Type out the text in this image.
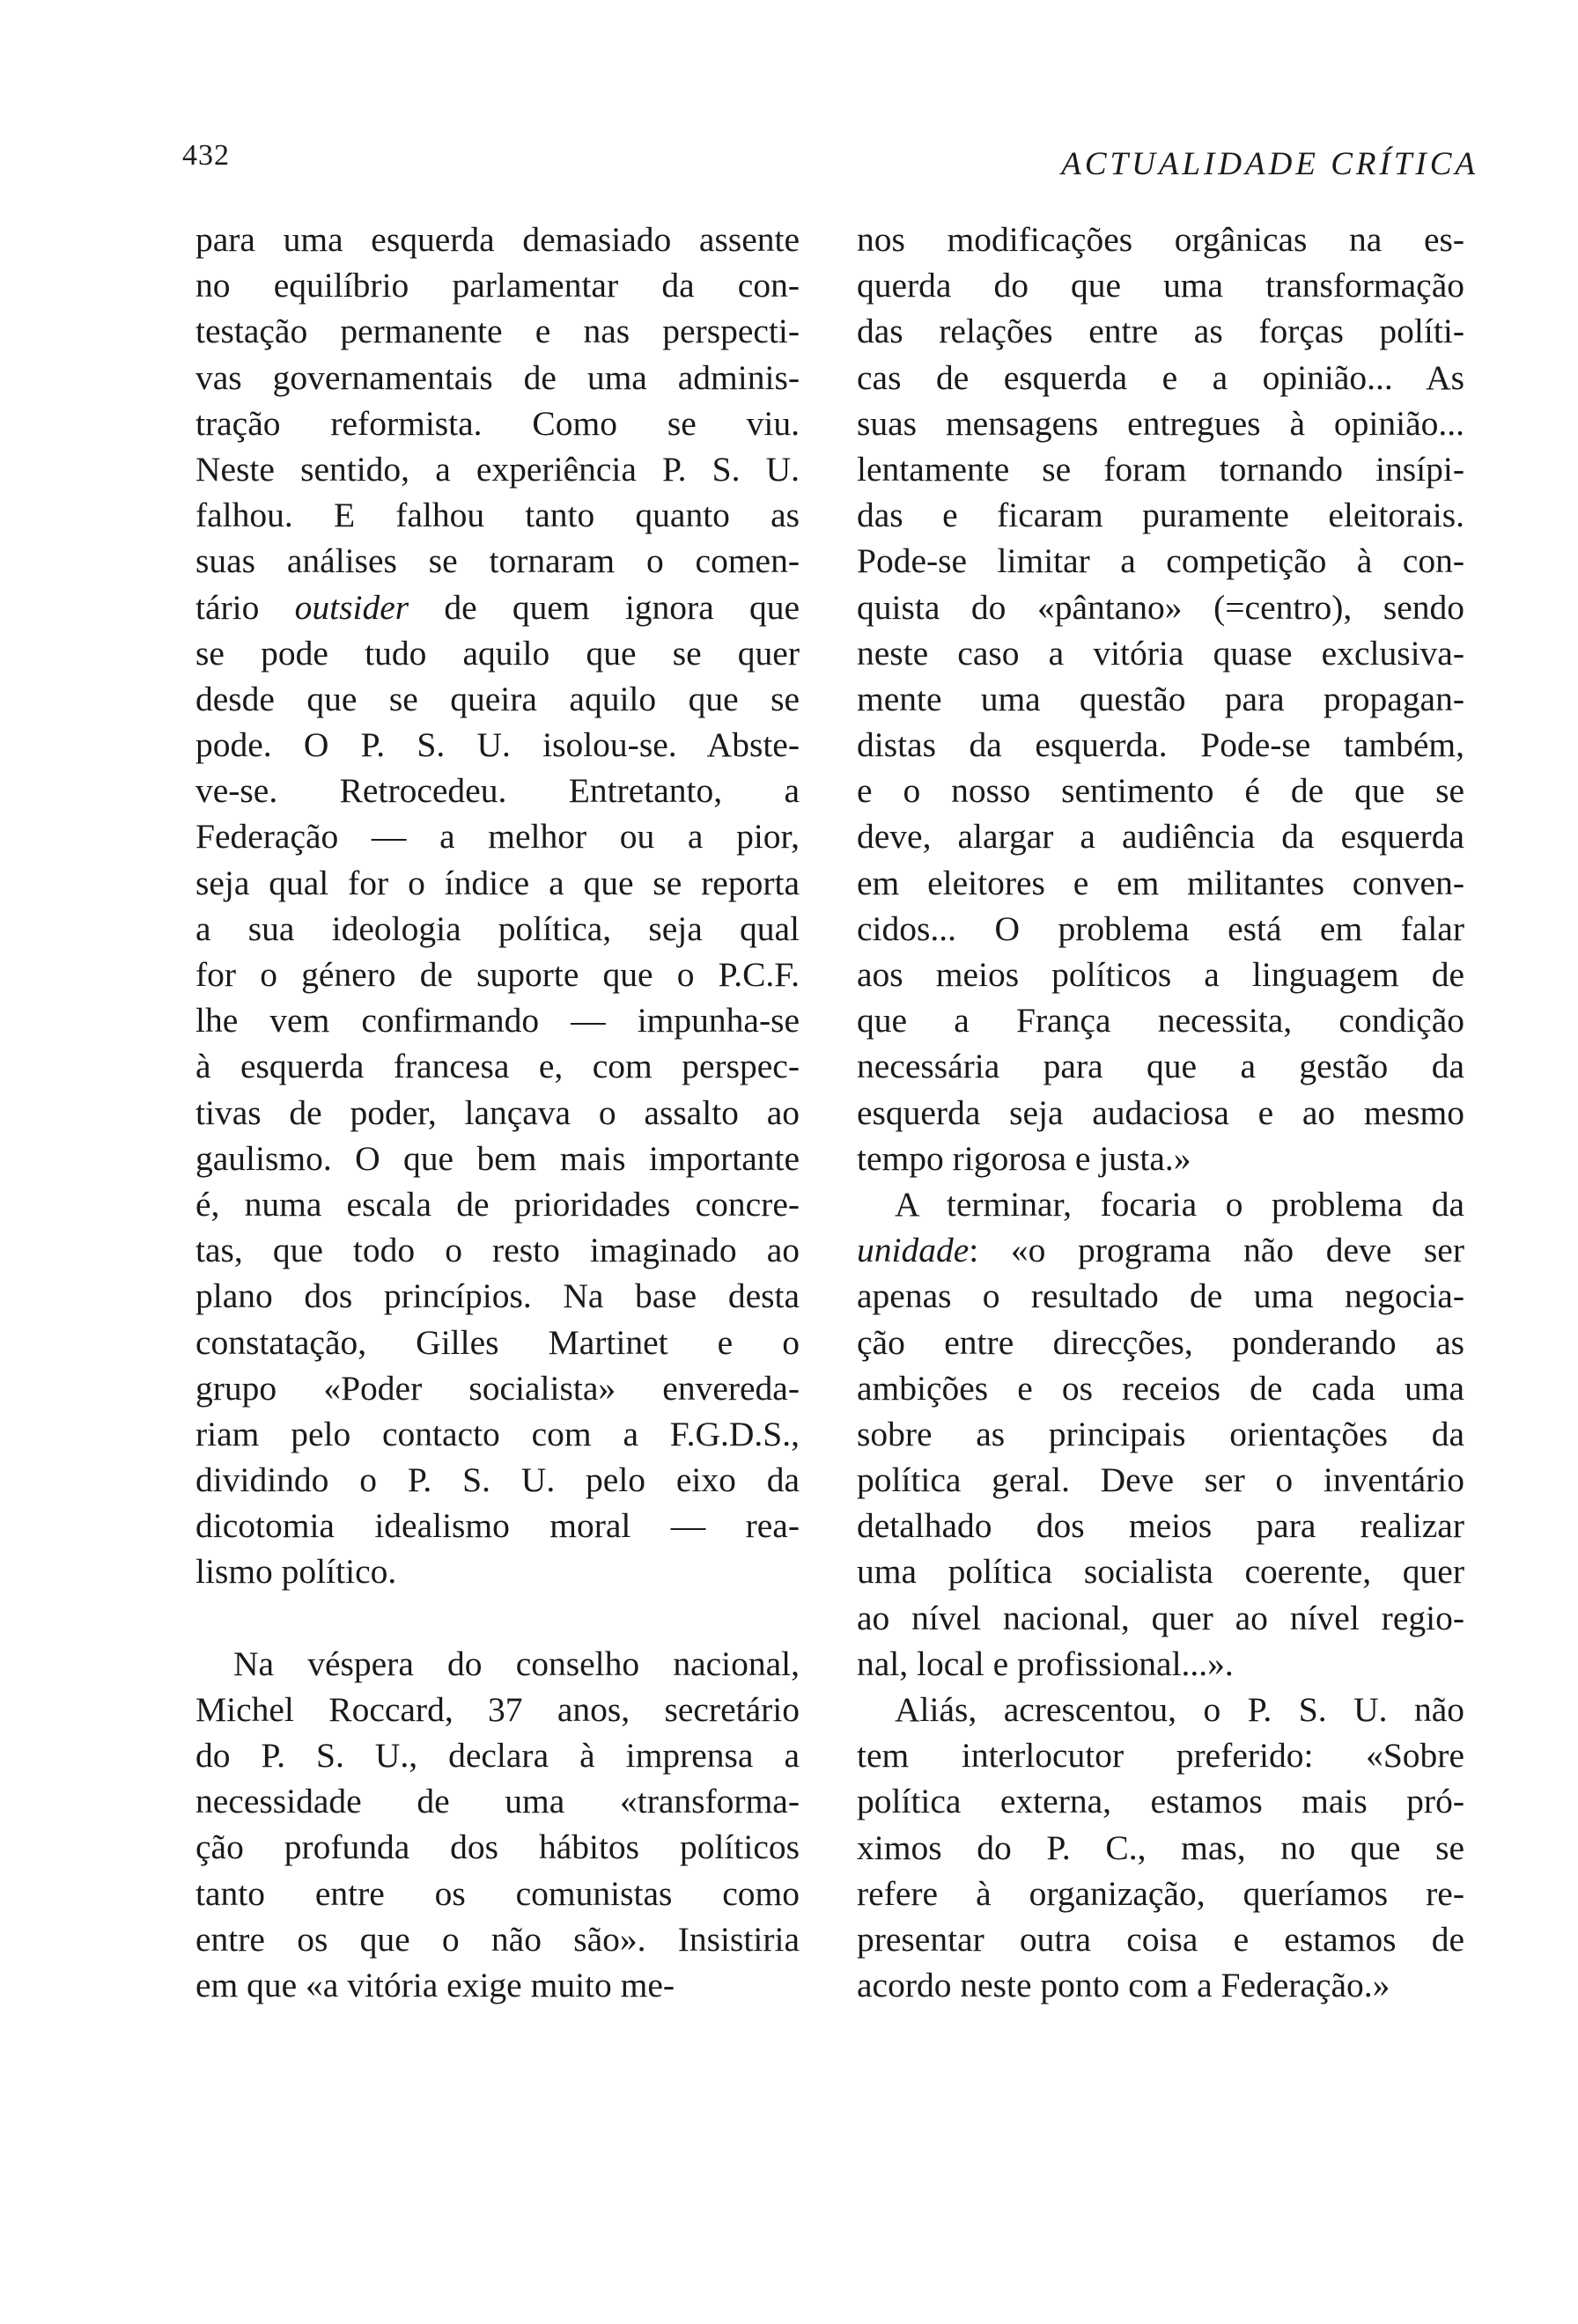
432	ACTUALIDADE CRÍTICA
para uma esquerda demasiado assente
no equilíbrio parlamentar da con-
testação permanente e nas perspecti-
vas governamentais de uma adminis-
tração reformista. Como se viu.
Neste sentido, a experiência P. S. U.
falhou. E falhou tanto quanto as
suas análises se tornaram o comen-
tário outsider de quem ignora que
se pode tudo aquilo que se quer
desde que se queira aquilo que se
pode. O P. S. U. isolou-se. Abste-
ve-se. Retrocedeu. Entretanto, a
Federação — a melhor ou a pior,
seja qual for o índice a que se reporta
a sua ideologia política, seja qual
for o género de suporte que o P.C.F.
lhe vem confirmando — impunha-se
à esquerda francesa e, com perspec-
tivas de poder, lançava o assalto ao
gaulismo. O que bem mais importante
é, numa escala de prioridades concre-
tas, que todo o resto imaginado ao
plano dos princípios. Na base desta
constatação, Gilles Martinet e o
grupo «Poder socialista» envereda-
riam pelo contacto com a F.G.D.S.,
dividindo o P. S. U. pelo eixo da
dicotomia idealismo moral — rea-
lismo político.
Na véspera do conselho nacional,
Michel Roccard, 37 anos, secretário
do P. S. U., declara à imprensa a
necessidade de uma «transforma-
ção profunda dos hábitos políticos
tanto entre os comunistas como
entre os que o não são». Insistiria
em que «a vitória exige muito me-
nos modificações orgânicas na es-
querda do que uma transformação
das relações entre as forças políti-
cas de esquerda e a opinião... As
suas mensagens entregues à opinião...
lentamente se foram tornando insípi-
das e ficaram puramente eleitorais.
Pode-se limitar a competição à con-
quista do «pântano» (=centro), sendo
neste caso a vitória quase exclusiva-
mente uma questão para propagan-
distas da esquerda. Pode-se também,
e o nosso sentimento é de que se
deve, alargar a audiência da esquerda
em eleitores e em militantes conven-
cidos... O problema está em falar
aos meios políticos a linguagem de
que a França necessita, condição
necessária para que a gestão da
esquerda seja audaciosa e ao mesmo
tempo rigorosa e justa.»
A terminar, focaria o problema da
unidade: «o programa não deve ser
apenas o resultado de uma negocia-
ção entre direcções, ponderando as
ambições e os receios de cada uma
sobre as principais orientações da
política geral. Deve ser o inventário
detalhado dos meios para realizar
uma política socialista coerente, quer
ao nível nacional, quer ao nível regio-
nal, local e profissional...».
Aliás, acrescentou, o P. S. U. não
tem interlocutor preferido: «Sobre
política externa, estamos mais pró-
ximos do P. C., mas, no que se
refere à organização, queríamos re-
presentar outra coisa e estamos de
acordo neste ponto com a Federação.»
